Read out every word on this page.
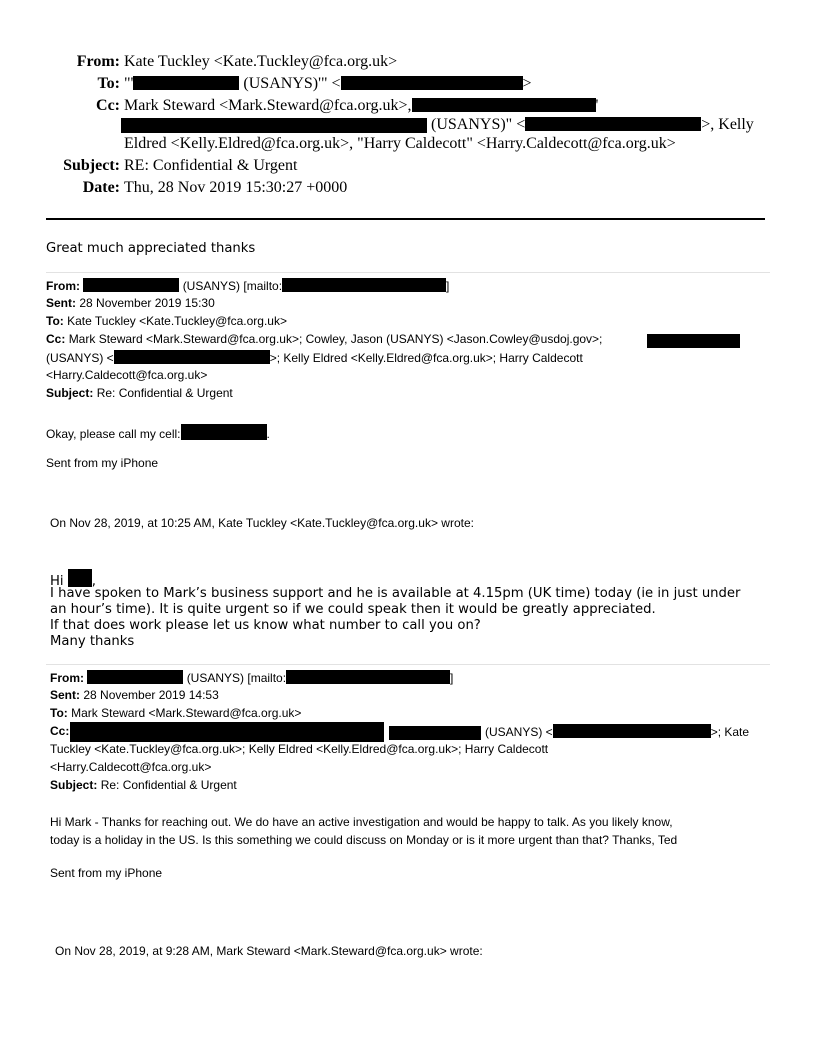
From: Kate Tuckley <Kate.Tuckley@fca.org.uk>
To: "'	(USANYS)'" <	>
Cc: Mark Steward <Mark.Steward@fca.org.uk>,	'
(USANYS)" <	>, Kelly
Eldred <Kelly.Eldred@fca.org.uk>, "Harry Caldecott" <Harry.Caldecott@fca.org.uk>
Subject: RE: Confidential & Urgent
Date: Thu, 28 Nov 2019 15:30:27 +0000
Great much appreciated thanks
From:	(USANYS) [mailto:	]
Sent: 28 November 2019 15:30
To: Kate Tuckley <Kate.Tuckley@fca.org.uk>
Cc: Mark Steward <Mark.Steward@fca.org.uk>; Cowley, Jason (USANYS) <Jason.Cowley@usdoj.gov>;
(USANYS) <	>; Kelly Eldred <Kelly.Eldred@fca.org.uk>; Harry Caldecott
<Harry.Caldecott@fca.org.uk>
Subject: Re: Confidential & Urgent
Okay, please call my cell:	.
Sent from my iPhone
On Nov 28, 2019, at 10:25 AM, Kate Tuckley <Kate.Tuckley@fca.org.uk> wrote:
Hi ,
I have spoken to Mark’s business support and he is available at 4.15pm (UK time) today (ie in just under
an hour’s time). It is quite urgent so if we could speak then it would be greatly appreciated.
If that does work please let us know what number to call you on?
Many thanks
From:	(USANYS) [mailto:	]
Sent: 28 November 2019 14:53
To: Mark Steward <Mark.Steward@fca.org.uk>
Cc:	(USANYS) <	>; Kate
Tuckley <Kate.Tuckley@fca.org.uk>; Kelly Eldred <Kelly.Eldred@fca.org.uk>; Harry Caldecott
<Harry.Caldecott@fca.org.uk>
Subject: Re: Confidential & Urgent
Hi Mark - Thanks for reaching out. We do have an active investigation and would be happy to talk. As you likely know,
today is a holiday in the US. Is this something we could discuss on Monday or is it more urgent than that? Thanks, Ted
Sent from my iPhone
On Nov 28, 2019, at 9:28 AM, Mark Steward <Mark.Steward@fca.org.uk> wrote:
